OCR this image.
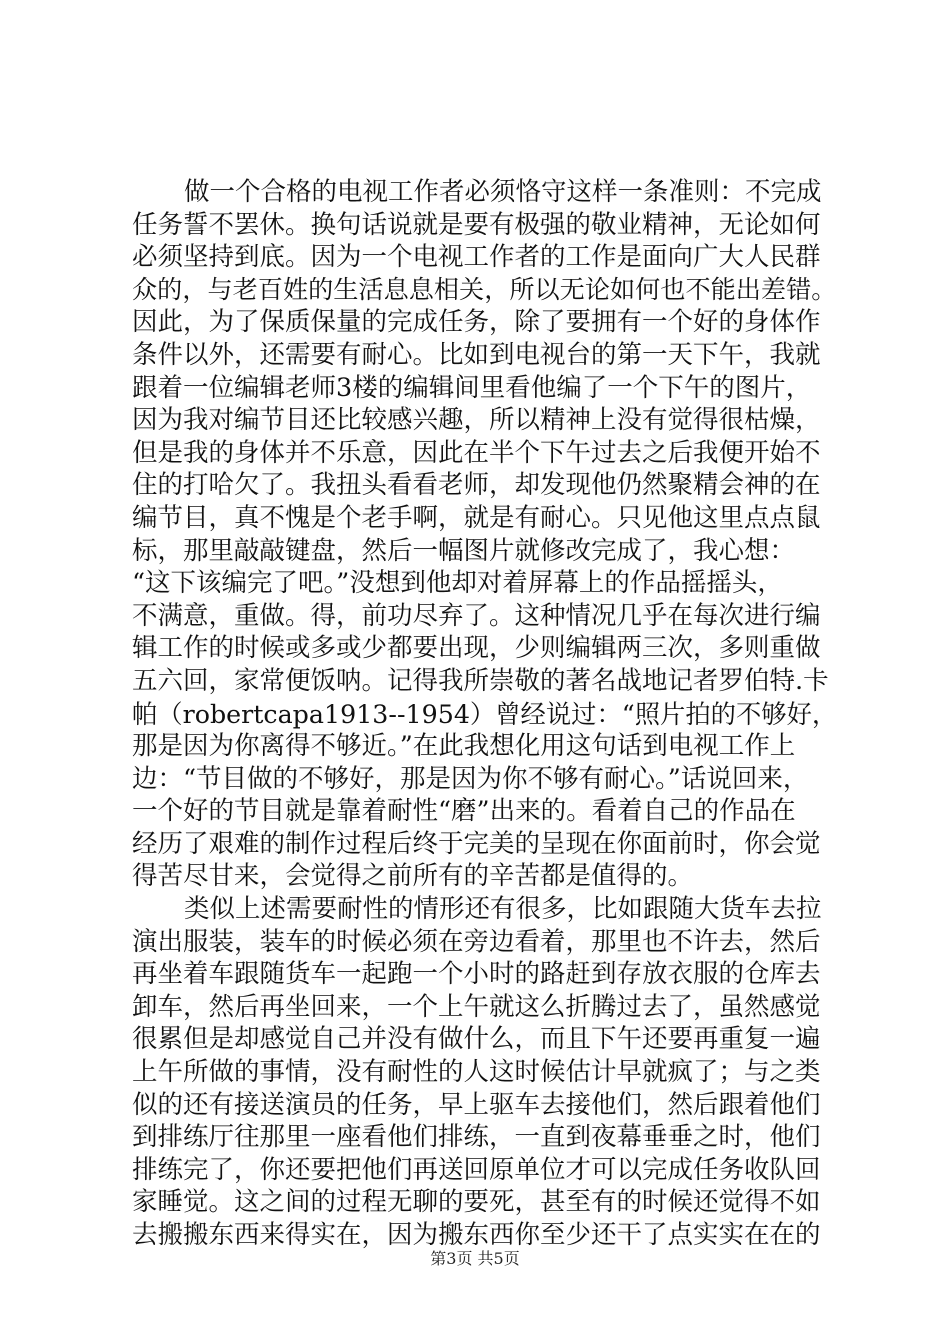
做一个合格的电视工作者必须恪守这样一条准则：不完成
任务誓不罢休。换句话说就是要有极强的敬业精神，无论如何
必须坚持到底。因为一个电视工作者的工作是面向广大人民群
众的，与老百姓的生活息息相关，所以无论如何也不能出差错。
因此，为了保质保量的完成任务，除了要拥有一个好的身体作
条件以外，还需要有耐心。比如到电视台的第一天下午，我就
跟着一位编辑老师3楼的编辑间里看他编了一个下午的图片，
因为我对编节目还比较感兴趣，所以精神上没有觉得很枯燥，
但是我的身体并不乐意，因此在半个下午过去之后我便开始不
住的打哈欠了。我扭头看看老师，却发现他仍然聚精会神的在
编节目，真不愧是个老手啊，就是有耐心。只见他这里点点鼠
标，那里敲敲键盘，然后一幅图片就修改完成了，我心想：
“这下该编完了吧。”没想到他却对着屏幕上的作品摇摇头，
不满意，重做。得，前功尽弃了。这种情况几乎在每次进行编
辑工作的时候或多或少都要出现，少则编辑两三次，多则重做
五六回，家常便饭呐。记得我所崇敬的著名战地记者罗伯特.卡
帕（robertcapa1913--1954）曾经说过：“照片拍的不够好，
那是因为你离得不够近。”在此我想化用这句话到电视工作上
边：“节目做的不够好，那是因为你不够有耐心。”话说回来，
一个好的节目就是靠着耐性“磨”出来的。看着自己的作品在
经历了艰难的制作过程后终于完美的呈现在你面前时，你会觉
得苦尽甘来，会觉得之前所有的辛苦都是值得的。
类似上述需要耐性的情形还有很多，比如跟随大货车去拉
演出服装，装车的时候必须在旁边看着，那里也不许去，然后
再坐着车跟随货车一起跑一个小时的路赶到存放衣服的仓库去
卸车，然后再坐回来，一个上午就这么折腾过去了，虽然感觉
很累但是却感觉自己并没有做什么，而且下午还要再重复一遍
上午所做的事情，没有耐性的人这时候估计早就疯了；与之类
似的还有接送演员的任务，早上驱车去接他们，然后跟着他们
到排练厅往那里一座看他们排练，一直到夜幕垂垂之时，他们
排练完了，你还要把他们再送回原单位才可以完成任务收队回
家睡觉。这之间的过程无聊的要死，甚至有的时候还觉得不如
去搬搬东西来得实在，因为搬东西你至少还干了点实实在在的
第3页 共5页
